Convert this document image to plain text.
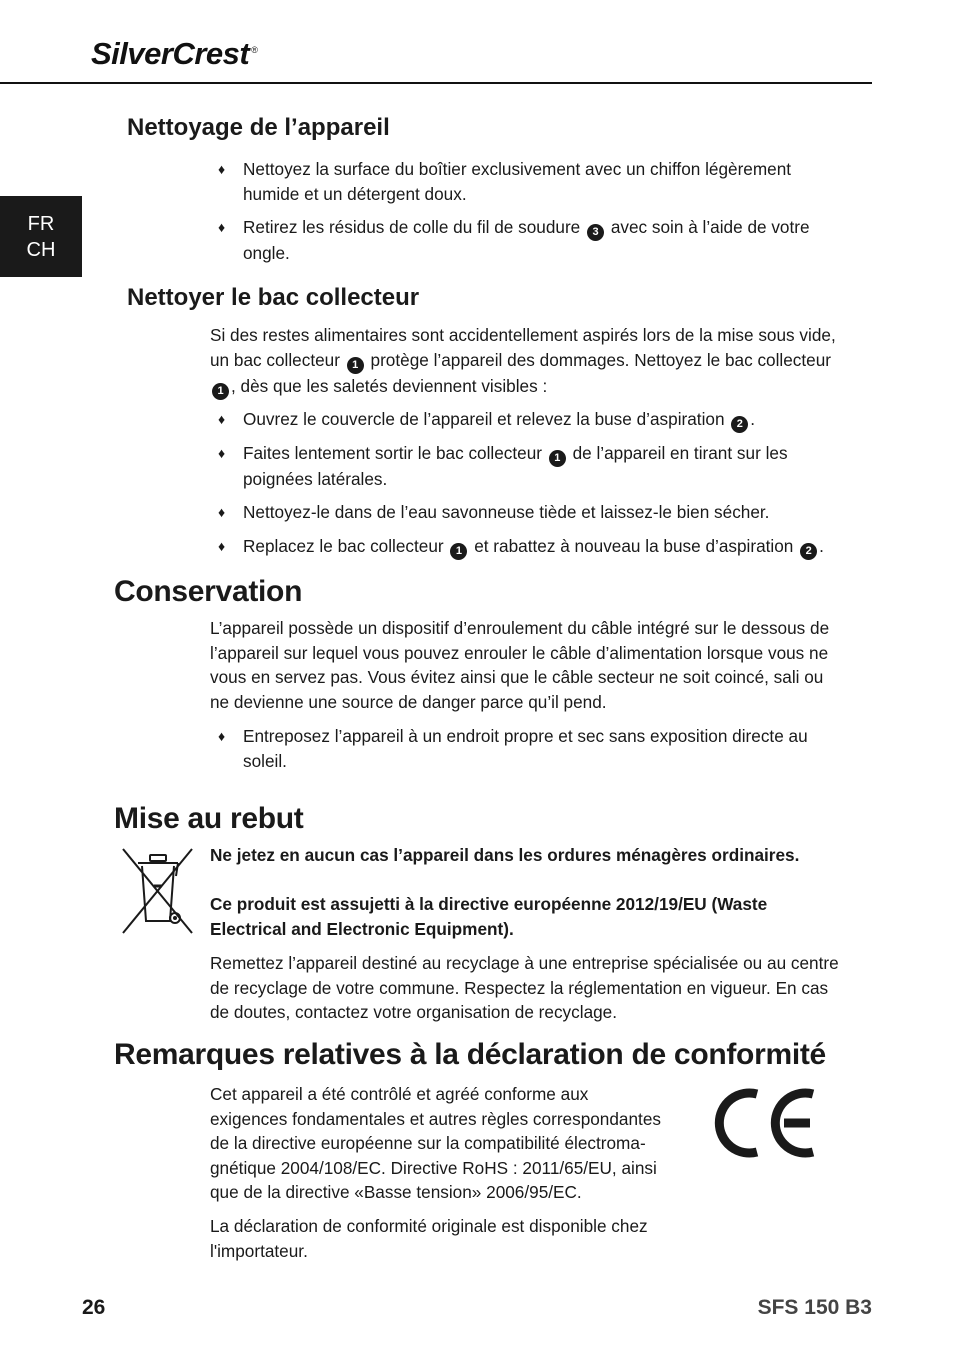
SilverCrest ®
FR
CH
Nettoyage de l’appareil
♦ Nettoyez la surface du boîtier exclusivement avec un chiffon légèrement humide et un détergent doux.
♦ Retirez les résidus de colle du fil de soudure 3 avec soin à l’aide de votre ongle.
Nettoyer le bac collecteur
Si des restes alimentaires sont accidentellement aspirés lors de la mise sous vide, un bac collecteur 1 protège l’appareil des dommages. Nettoyez le bac collecteur 1 , dès que les saletés deviennent visibles :
♦ Ouvrez le couvercle de l’appareil et relevez la buse d’aspiration 2 .
♦ Faites lentement sortir le bac collecteur 1 de l’appareil en tirant sur les poignées latérales.
♦ Nettoyez-le dans de l’eau savonneuse tiède et laissez-le bien sécher.
♦ Replacez le bac collecteur 1 et rabattez à nouveau la buse d’aspiration 2 .
Conservation
L’appareil possède un dispositif d’enroulement du câble intégré sur le dessous de l’appareil sur lequel vous pouvez enrouler le câble d’alimentation lorsque vous ne vous en servez pas. Vous évitez ainsi que le câble secteur ne soit coincé, sali ou ne devienne une source de danger parce qu’il pend.
♦ Entreposez l’appareil à un endroit propre et sec sans exposition directe au soleil.
Mise au rebut
Ne jetez en aucun cas l’appareil dans les ordures ménagères ordinaires.
Ce produit est assujetti à la directive européenne 2012/19/EU (Waste Electrical and Electronic Equipment).
Remettez l’appareil destiné au recyclage à une entreprise spécialisée ou au centre de recyclage de votre commune. Respectez la réglementation en vigueur. En cas de doutes, contactez votre organisation de recyclage.
Remarques relatives à la déclaration de conformité
Cet appareil a été contrôlé et agréé conforme aux exigences fondamentales et autres règles correspondantes de la directive européenne sur la compatibilité électromagnétique 2004/108/EC. Directive RoHS : 2011/65/EU, ainsi que de la directive «Basse tension» 2006/95/EC.
La déclaration de conformité originale est disponible chez l'importateur.
26	SFS 150 B3
